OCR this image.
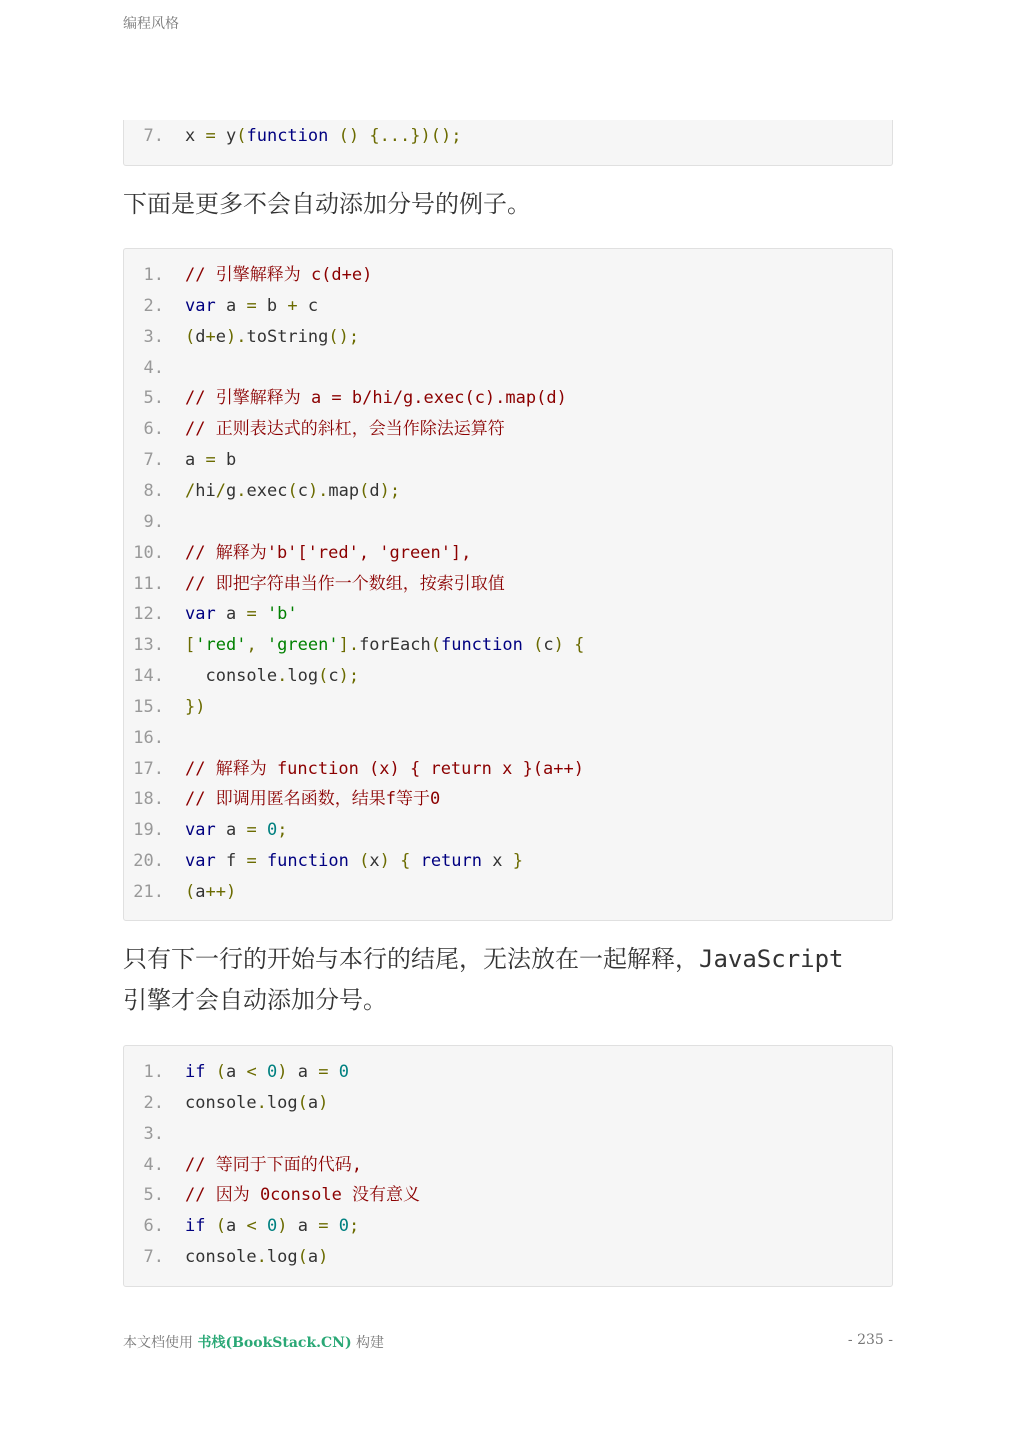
编程风格
7. x = y(function () {...})();
下面是更多不会自动添加分号的例子。
1. // 引擎解释为 c(d+e)
2. var a = b + c
3. (d+e).toString();
4.
5. // 引擎解释为 a = b/hi/g.exec(c).map(d)
6. // 正则表达式的斜杠，会当作除法运算符
7. a = b
8. /hi/g.exec(c).map(d);
9.
10. // 解释为'b'['red', 'green'],
11. // 即把字符串当作一个数组，按索引取值
12. var a = 'b'
13. ['red', 'green'].forEach(function (c) {
14. console.log(c);
15. })
16.
17. // 解释为 function (x) { return x }(a++)
18. // 即调用匿名函数，结果f等于0
19. var a = 0;
20. var f = function (x) { return x }
21. (a++)
只有下一行的开始与本行的结尾，无法放在一起解释，JavaScript
引擎才会自动添加分号。
1. if (a < 0) a = 0
2. console.log(a)
3.
4. // 等同于下面的代码,
5. // 因为 0console 没有意义
6. if (a < 0) a = 0;
7. console.log(a)
本文档使用 书栈(BookStack.CN) 构建	- 235 -
